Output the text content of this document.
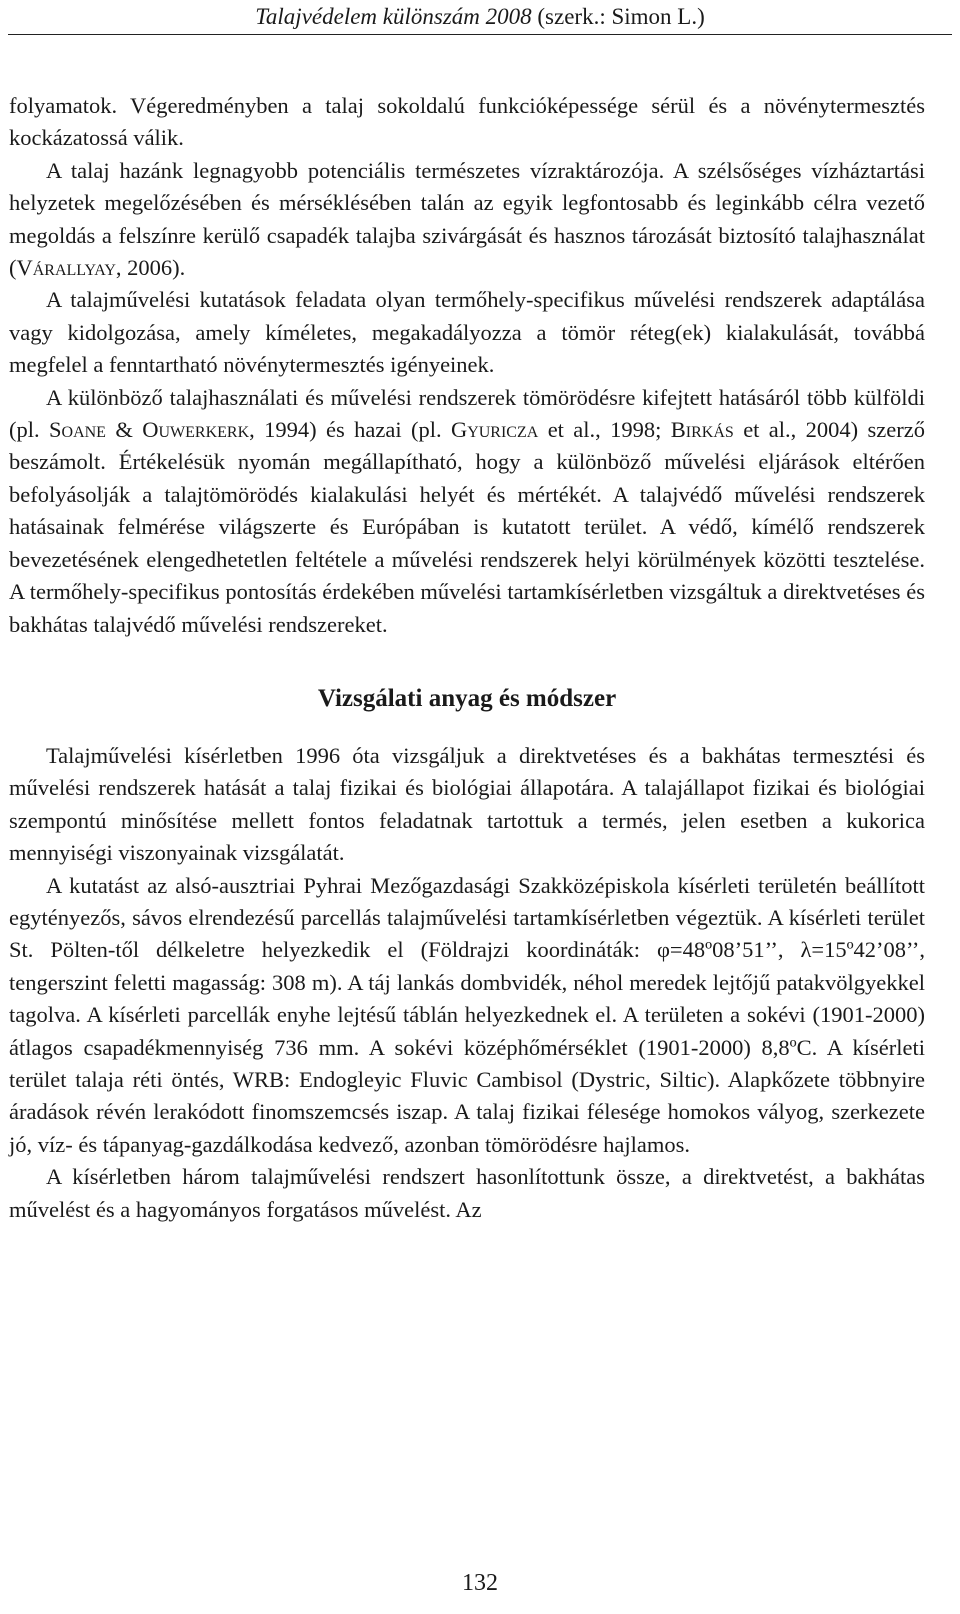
Talajvédelem különszám 2008 (szerk.: Simon L.)

folyamatok. Végeredményben a talaj sokoldalú funkcióképessége sérül és a növénytermesztés kockázatossá válik.

A talaj hazánk legnagyobb potenciális természetes vízraktározója. A szélsőséges vízháztartási helyzetek megelőzésében és mérséklésében talán az egyik legfontosabb és leginkább célra vezető megoldás a felszínre kerülő csapadék talajba szivárgását és hasznos tározását biztosító talajhasználat (Várallyay, 2006).

A talajművelési kutatások feladata olyan termőhely-specifikus művelési rendszerek adaptálása vagy kidolgozása, amely kíméletes, megakadályozza a tömör réteg(ek) kialakulását, továbbá megfelel a fenntartható növénytermesztés igényeinek.

A különböző talajhasználati és művelési rendszerek tömörödésre kifejtett hatásáról több külföldi (pl. Soane & Ouwerkerk, 1994) és hazai (pl. Gyuricza et al., 1998; Birkás et al., 2004) szerző beszámolt. Értékelésük nyomán megállapítható, hogy a különböző művelési eljárások eltérően befolyásolják a talajtömörödés kialakulási helyét és mértékét. A talajvédő művelési rendszerek hatásainak felmérése világszerte és Európában is kutatott terület. A védő, kímélő rendszerek bevezetésének elengedhetetlen feltétele a művelési rendszerek helyi körülmények közötti tesztelése. A termőhely-specifikus pontosítás érdekében művelési tartamkísérletben vizsgáltuk a direktvetéses és bakhátas talajvédő művelési rendszereket.

Vizsgálati anyag és módszer

Talajművelési kísérletben 1996 óta vizsgáljuk a direktvetéses és a bakhátas termesztési és művelési rendszerek hatását a talaj fizikai és biológiai állapotára. A talajállapot fizikai és biológiai szempontú minősítése mellett fontos feladatnak tartottuk a termés, jelen esetben a kukorica mennyiségi viszonyainak vizsgálatát.

A kutatást az alsó-ausztriai Pyhrai Mezőgazdasági Szakközépiskola kísérleti területén beállított egytényezős, sávos elrendezésű parcellás talajművelési tartamkísérletben végeztük. A kísérleti terület St. Pölten-től délkeletre helyezkedik el (Földrajzi koordináták: φ=48º08’51’’, λ=15º42’08’’, tengerszint feletti magasság: 308 m). A táj lankás dombvidék, néhol meredek lejtőjű patakvölgyekkel tagolva. A kísérleti parcellák enyhe lejtésű táblán helyezkednek el. A területen a sokévi (1901-2000) átlagos csapadékmennyiség 736 mm. A sokévi középhőmérséklet (1901-2000) 8,8ºC. A kísérleti terület talaja réti öntés, WRB: Endogleyic Fluvic Cambisol (Dystric, Siltic). Alapkőzete többnyire áradások révén lerakódott finomszemcsés iszap. A talaj fizikai félesége homokos vályog, szerkezete jó, víz- és tápanyag-gazdálkodása kedvező, azonban tömörödésre hajlamos.

A kísérletben három talajművelési rendszert hasonlítottunk össze, a direktvetést, a bakhátas művelést és a hagyományos forgatásos művelést. Az

132
